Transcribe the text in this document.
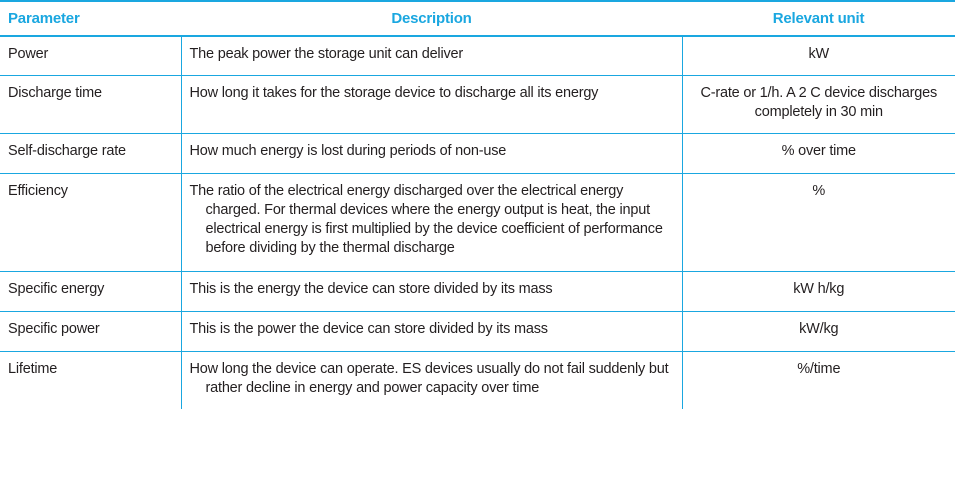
Parameter	Description	Relevant unit
Power	The peak power the storage unit can deliver	kW
Discharge time	How long it takes for the storage device to discharge all its energy	C-rate or 1/h. A 2 C device discharges completely in 30 min
Self-discharge rate	How much energy is lost during periods of non-use	% over time
Efficiency	The ratio of the electrical energy discharged over the electrical energy charged. For thermal devices where the energy output is heat, the input electrical energy is first multiplied by the device coefficient of performance before dividing by the thermal discharge	%
Specific energy	This is the energy the device can store divided by its mass	kW h/kg
Specific power	This is the power the device can store divided by its mass	kW/kg
Lifetime	How long the device can operate. ES devices usually do not fail suddenly but rather decline in energy and power capacity over time	%/time
